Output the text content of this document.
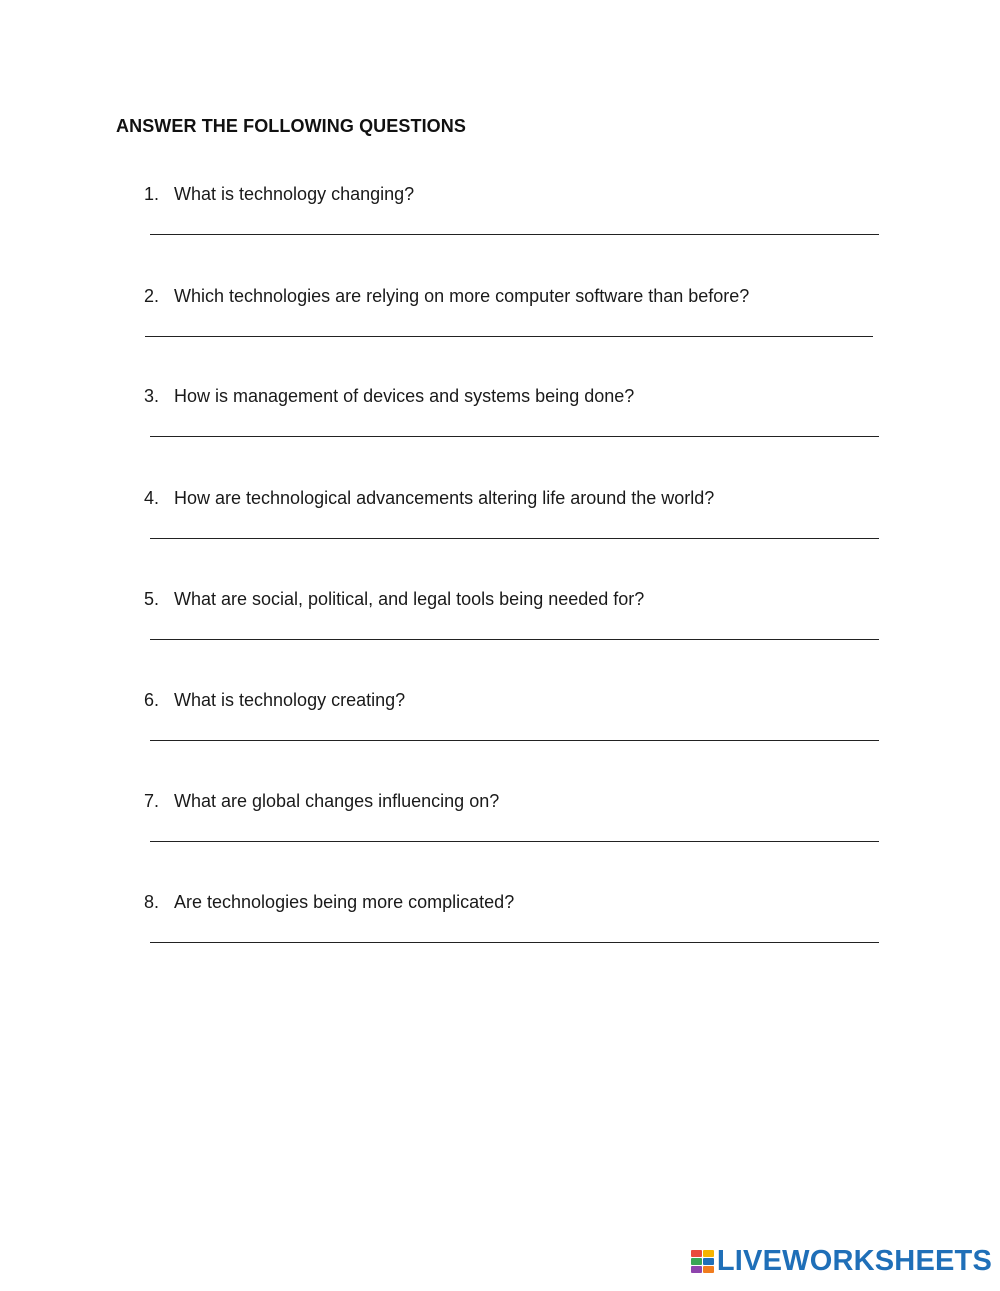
ANSWER THE FOLLOWING QUESTIONS
1. What is technology changing?
2. Which technologies are relying on more computer software than before?
3. How is management of devices and systems being done?
4. How are technological advancements altering life around the world?
5. What are social, political, and legal tools being needed for?
6. What is technology creating?
7. What are global changes influencing on?
8. Are technologies being more complicated?
LIVEWORKSHEETS
